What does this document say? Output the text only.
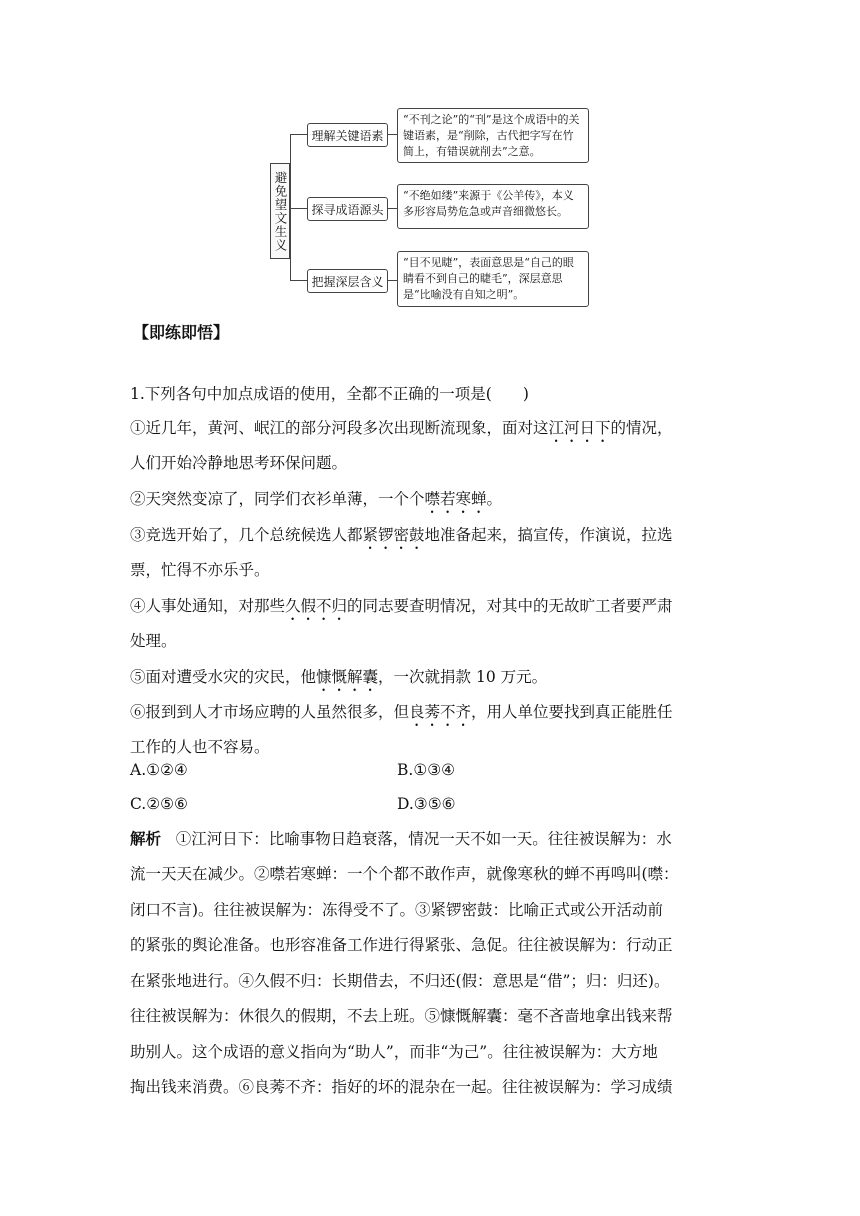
避免望文生义
理解关键语素
“不刊之论”的“刊”是这个成语中的关键语素，是“削除，古代把字写在竹简上，有错误就削去”之意。
探寻成语源头
“不绝如缕”来源于《公羊传》，本义多形容局势危急或声音细微悠长。
把握深层含义
“目不见睫”，表面意思是“自己的眼睛看不到自己的睫毛”，深层意思是“比喻没有自知之明”。
【即练即悟】
1.下列各句中加点成语的使用，全都不正确的一项是(　　)
①近几年，黄河、岷江的部分河段多次出现断流现象，面对这江河日下的情况，
人们开始冷静地思考环保问题。
②天突然变凉了，同学们衣衫单薄，一个个噤若寒蝉。
③竞选开始了，几个总统候选人都紧锣密鼓地准备起来，搞宣传，作演说，拉选
票，忙得不亦乐乎。
④人事处通知，对那些久假不归的同志要查明情况，对其中的无故旷工者要严肃
处理。
⑤面对遭受水灾的灾民，他慷慨解囊，一次就捐款 10 万元。
⑥报到到人才市场应聘的人虽然很多，但良莠不齐，用人单位要找到真正能胜任
工作的人也不容易。
A.①②④	B.①③④
C.②⑤⑥	D.③⑤⑥
解析 ①江河日下：比喻事物日趋衰落，情况一天不如一天。往往被误解为：水
流一天天在减少。②噤若寒蝉：一个个都不敢作声，就像寒秋的蝉不再鸣叫(噤：
闭口不言)。往往被误解为：冻得受不了。③紧锣密鼓：比喻正式或公开活动前
的紧张的舆论准备。也形容准备工作进行得紧张、急促。往往被误解为：行动正
在紧张地进行。④久假不归：长期借去，不归还(假：意思是“借”；归：归还)。
往往被误解为：休很久的假期，不去上班。⑤慷慨解囊：毫不吝啬地拿出钱来帮
助别人。这个成语的意义指向为“助人”，而非“为己”。往往被误解为：大方地
掏出钱来消费。⑥良莠不齐：指好的坏的混杂在一起。往往被误解为：学习成绩
